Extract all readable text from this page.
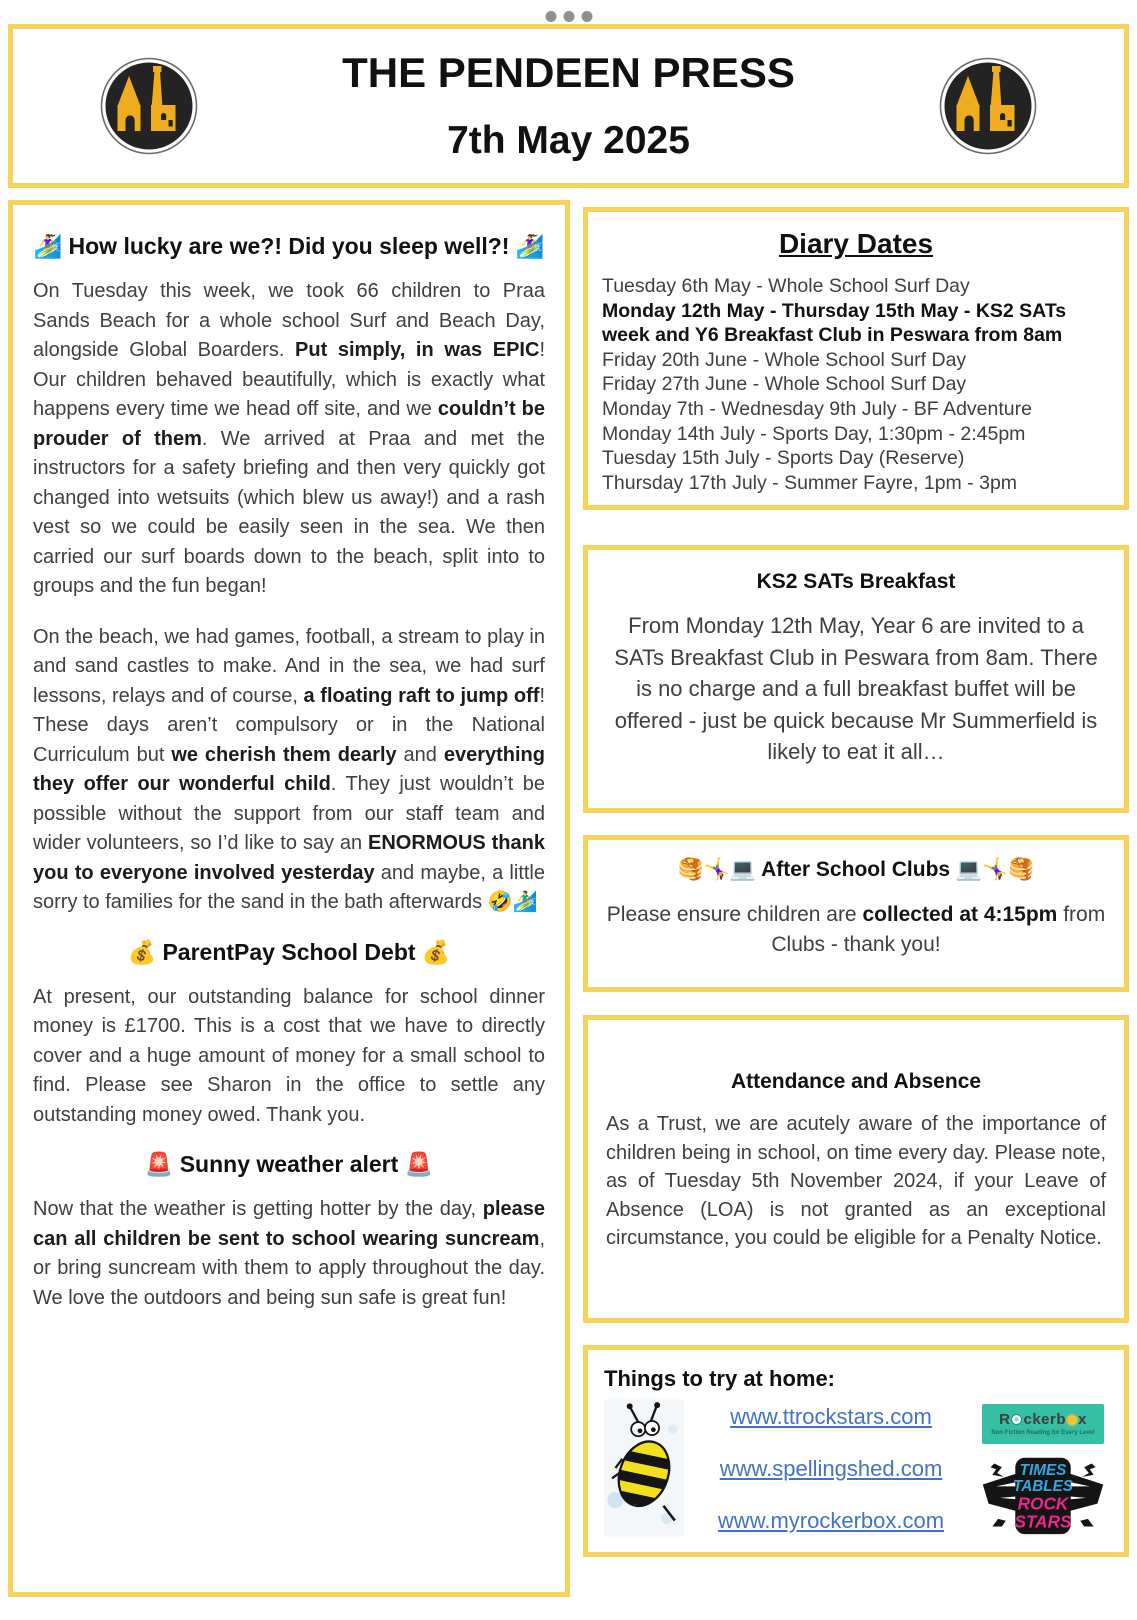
THE PENDEEN PRESS
7th May 2025
🏄‍♀️ How lucky are we?! Did you sleep well?! 🏄‍♀️

On Tuesday this week, we took 66 children to Praa Sands Beach for a whole school Surf and Beach Day, alongside Global Boarders. Put simply, in was EPIC! Our children behaved beautifully, which is exactly what happens every time we head off site, and we couldn’t be prouder of them. We arrived at Praa and met the instructors for a safety briefing and then very quickly got changed into wetsuits (which blew us away!) and a rash vest so we could be easily seen in the sea. We then carried our surf boards down to the beach, split into to groups and the fun began!

On the beach, we had games, football, a stream to play in and sand castles to make. And in the sea, we had surf lessons, relays and of course, a floating raft to jump off! These days aren’t compulsory or in the National Curriculum but we cherish them dearly and everything they offer our wonderful child. They just wouldn’t be possible without the support from our staff team and wider volunteers, so I’d like to say an ENORMOUS thank you to everyone involved yesterday and maybe, a little sorry to families for the sand in the bath afterwards 🤣🏄‍♂️

💰 ParentPay School Debt 💰

At present, our outstanding balance for school dinner money is £1700. This is a cost that we have to directly cover and a huge amount of money for a small school to find. Please see Sharon in the office to settle any outstanding money owed. Thank you.

🚨 Sunny weather alert 🚨

Now that the weather is getting hotter by the day, please can all children be sent to school wearing suncream, or bring suncream with them to apply throughout the day. We love the outdoors and being sun safe is great fun!

Diary Dates
Tuesday 6th May - Whole School Surf Day
Monday 12th May - Thursday 15th May - KS2 SATs week and Y6 Breakfast Club in Peswara from 8am
Friday 20th June - Whole School Surf Day
Friday 27th June - Whole School Surf Day
Monday 7th - Wednesday 9th July - BF Adventure
Monday 14th July - Sports Day, 1:30pm - 2:45pm
Tuesday 15th July - Sports Day (Reserve)
Thursday 17th July - Summer Fayre, 1pm - 3pm
KS2 SATs Breakfast

From Monday 12th May, Year 6 are invited to a SATs Breakfast Club in Peswara from 8am. There is no charge and a full breakfast buffet will be offered - just be quick because Mr Summerfield is likely to eat it all…

🥞🤸‍♀️💻 After School Clubs 💻🤸‍♀️🥞

Please ensure children are collected at 4:15pm from Clubs - thank you!

Attendance and Absence

As a Trust, we are acutely aware of the importance of children being in school, on time every day. Please note, as of Tuesday 5th November 2024, if your Leave of Absence (LOA) is not granted as an exceptional circumstance, you could be eligible for a Penalty Notice.

Things to try at home:
www.ttrockstars.com
www.spellingshed.com
www.myrockerbox.com
R ckerb x
Non-Fiction Reading for Every Level
TIMES
TABLES
ROCK
STARS
